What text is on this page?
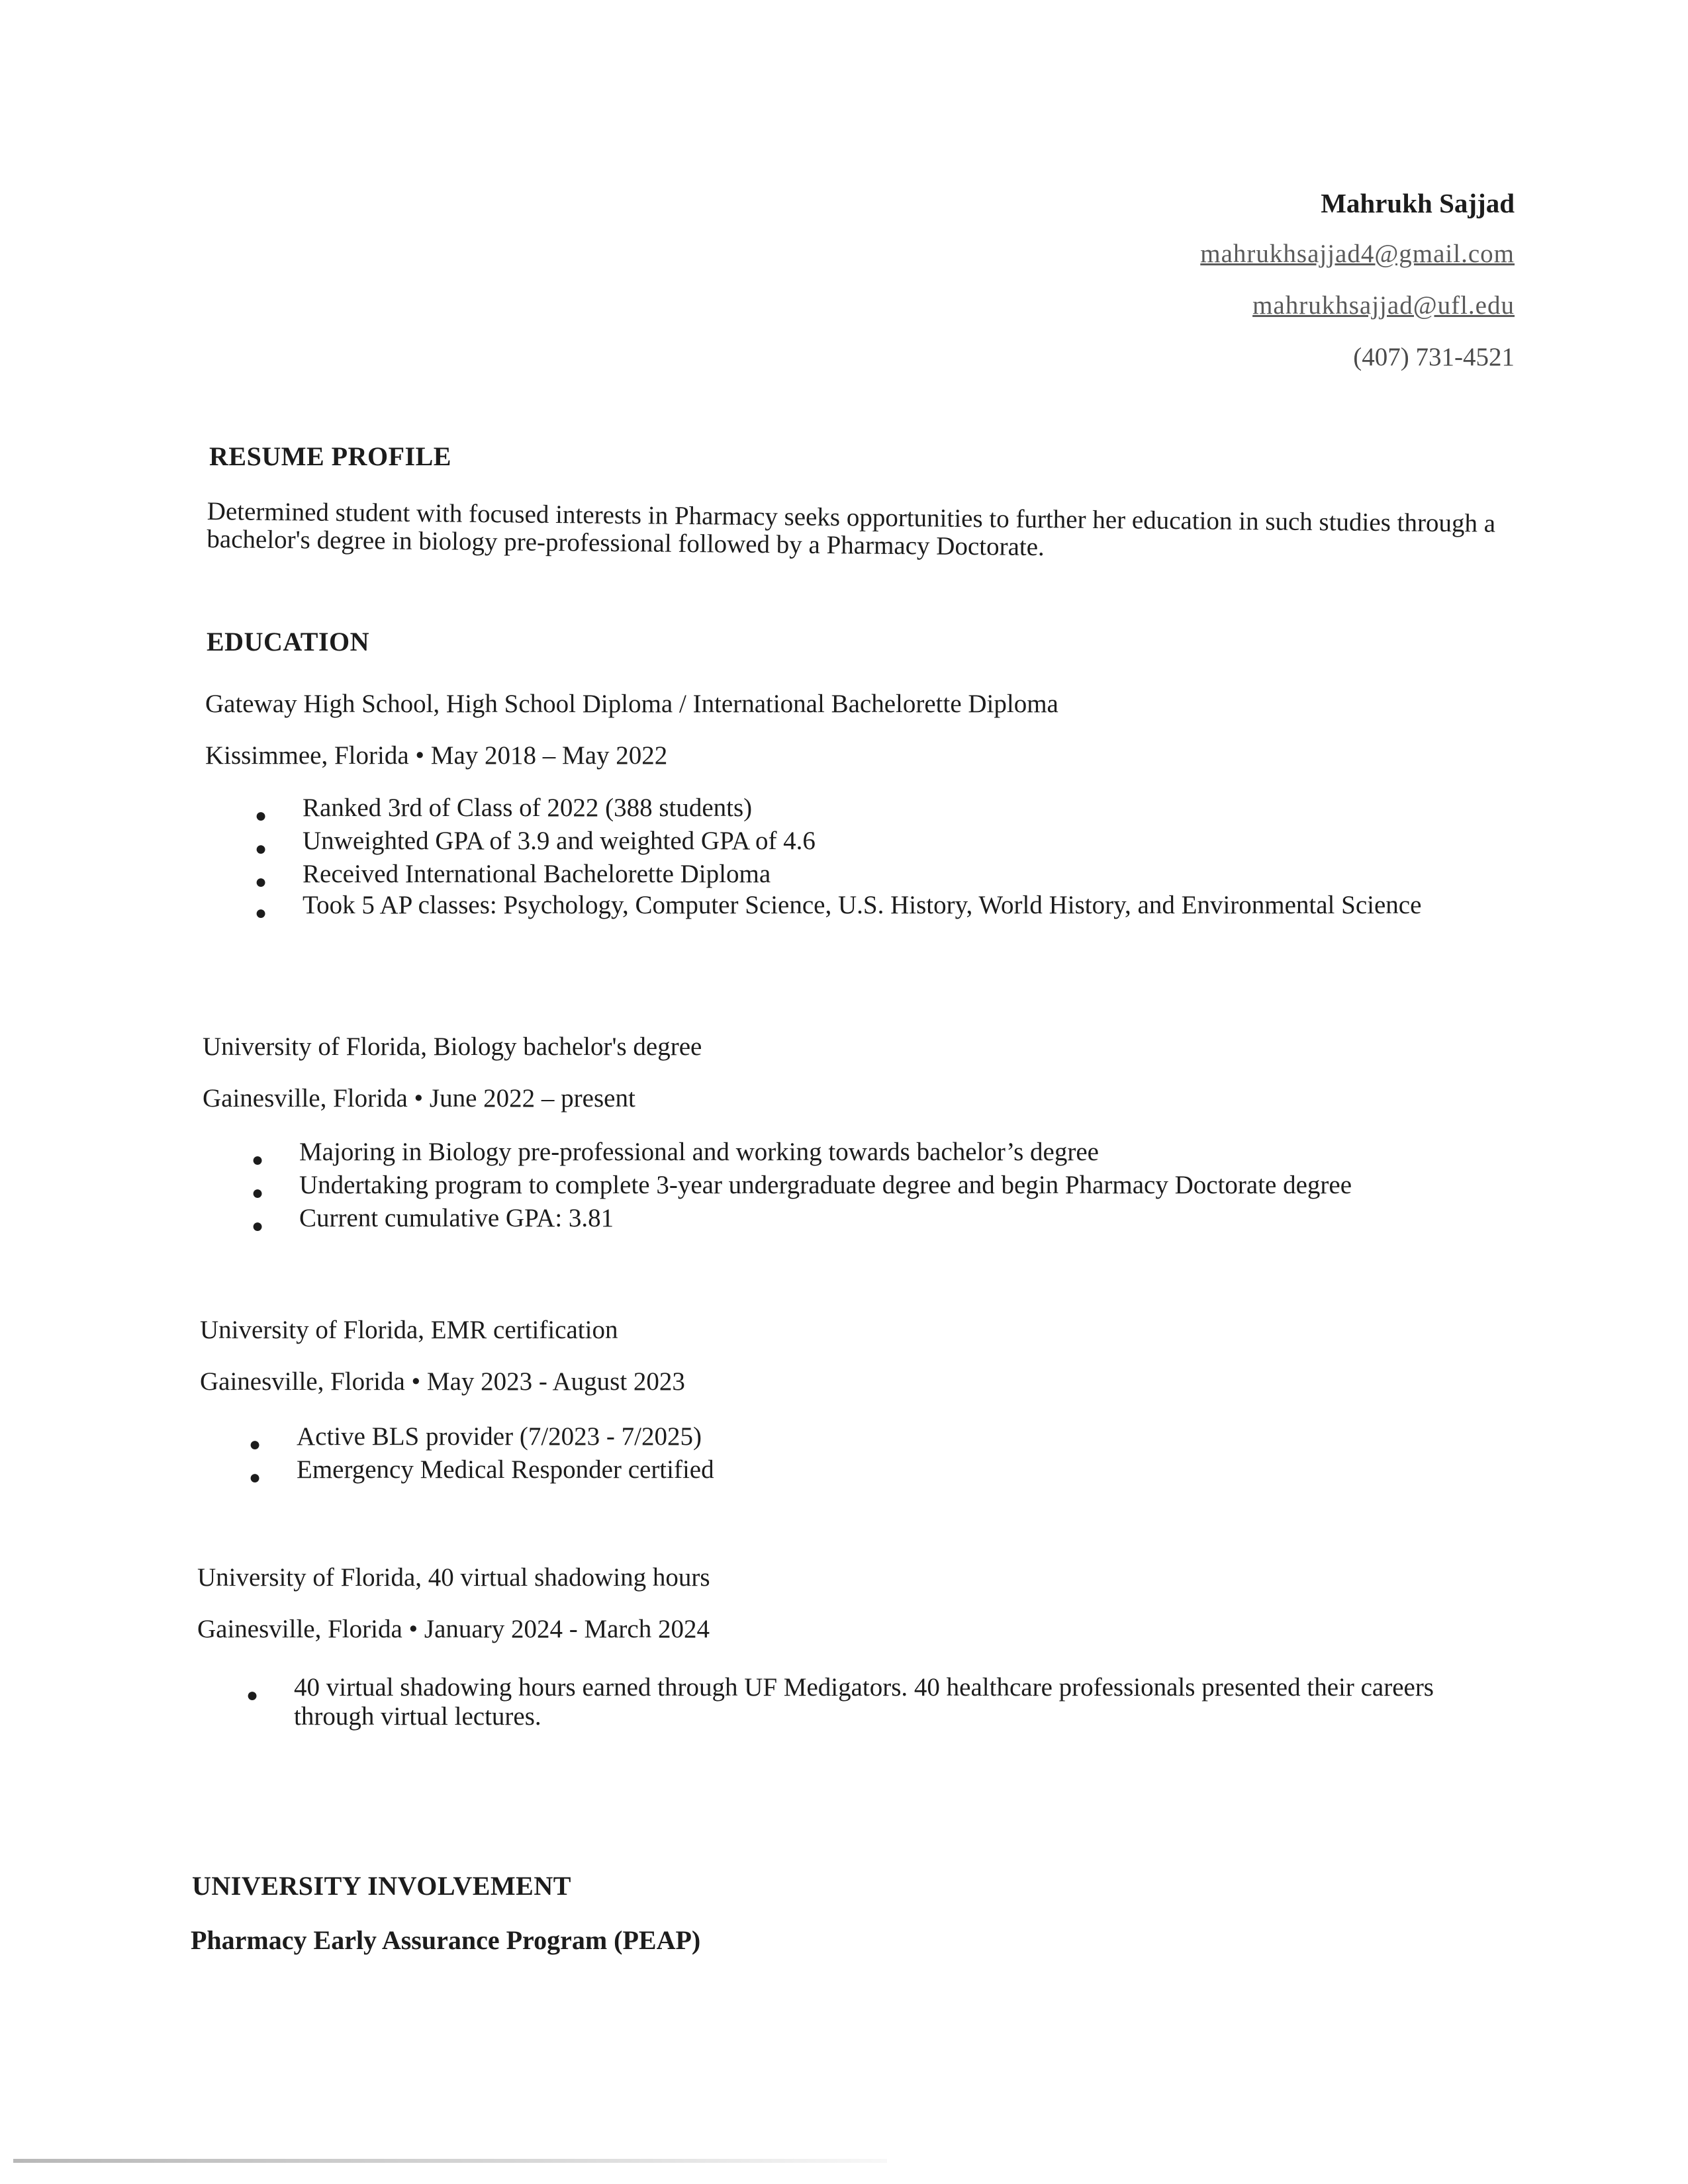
Mahrukh Sajjad
mahrukhsajjad4@gmail.com
mahrukhsajjad@ufl.edu
(407) 731-4521
RESUME PROFILE
Determined student with focused interests in Pharmacy seeks opportunities to further her education in such studies through a bachelor's degree in biology pre-professional followed by a Pharmacy Doctorate.
EDUCATION
Gateway High School, High School Diploma / International Bachelorette Diploma
Kissimmee, Florida • May 2018 – May 2022
● Ranked 3rd of Class of 2022 (388 students)
● Unweighted GPA of 3.9 and weighted GPA of 4.6
● Received International Bachelorette Diploma
● Took 5 AP classes: Psychology, Computer Science, U.S. History, World History, and Environmental Science
University of Florida, Biology bachelor's degree
Gainesville, Florida • June 2022 – present
● Majoring in Biology pre-professional and working towards bachelor’s degree
● Undertaking program to complete 3-year undergraduate degree and begin Pharmacy Doctorate degree
● Current cumulative GPA: 3.81
University of Florida, EMR certification
Gainesville, Florida • May 2023 - August 2023
● Active BLS provider (7/2023 - 7/2025)
● Emergency Medical Responder certified
University of Florida, 40 virtual shadowing hours
Gainesville, Florida • January 2024 - March 2024
● 40 virtual shadowing hours earned through UF Medigators. 40 healthcare professionals presented their careers through virtual lectures.
UNIVERSITY INVOLVEMENT
Pharmacy Early Assurance Program (PEAP)
